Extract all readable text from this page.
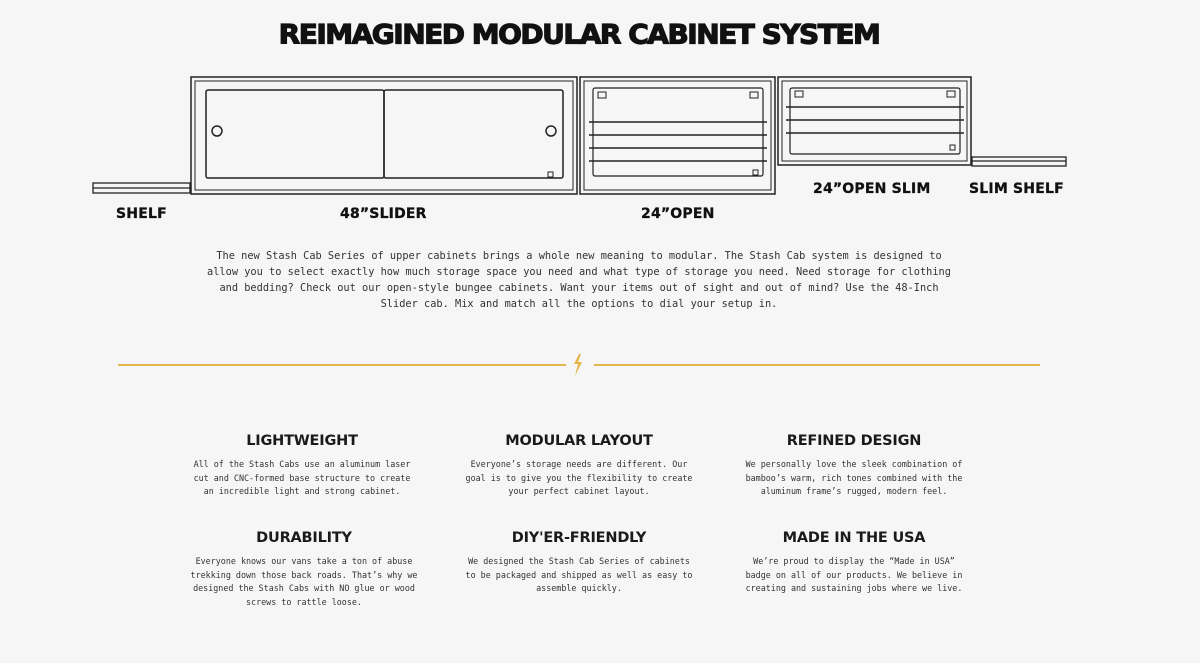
REIMAGINED MODULAR CABINET SYSTEM
SHELF	48”SLIDER	24”OPEN
24”OPEN SLIM	SLIM SHELF
The new Stash Cab Series of upper cabinets brings a whole new meaning to modular. The Stash Cab system is designed to allow you to select exactly how much storage space you need and what type of storage you need. Need storage for clothing and bedding? Check out our open-style bungee cabinets. Want your items out of sight and out of mind? Use the 48-Inch Slider cab. Mix and match all the options to dial your setup in.
LIGHTWEIGHT

All of the Stash Cabs use an aluminum laser cut and CNC-formed base structure to create an incredible light and strong cabinet.

MODULAR LAYOUT

Everyone’s storage needs are different. Our goal is to give you the flexibility to create your perfect cabinet layout.

REFINED DESIGN

We personally love the sleek combination of bamboo’s warm, rich tones combined with the aluminum frame’s rugged, modern feel.

DURABILITY

Everyone knows our vans take a ton of abuse trekking down those back roads. That’s why we designed the Stash Cabs with NO glue or wood screws to rattle loose.

DIY'ER-FRIENDLY

We designed the Stash Cab Series of cabinets to be packaged and shipped as well as easy to assemble quickly.

MADE IN THE USA

We’re proud to display the “Made in USA” badge on all of our products. We believe in creating and sustaining jobs where we live.
